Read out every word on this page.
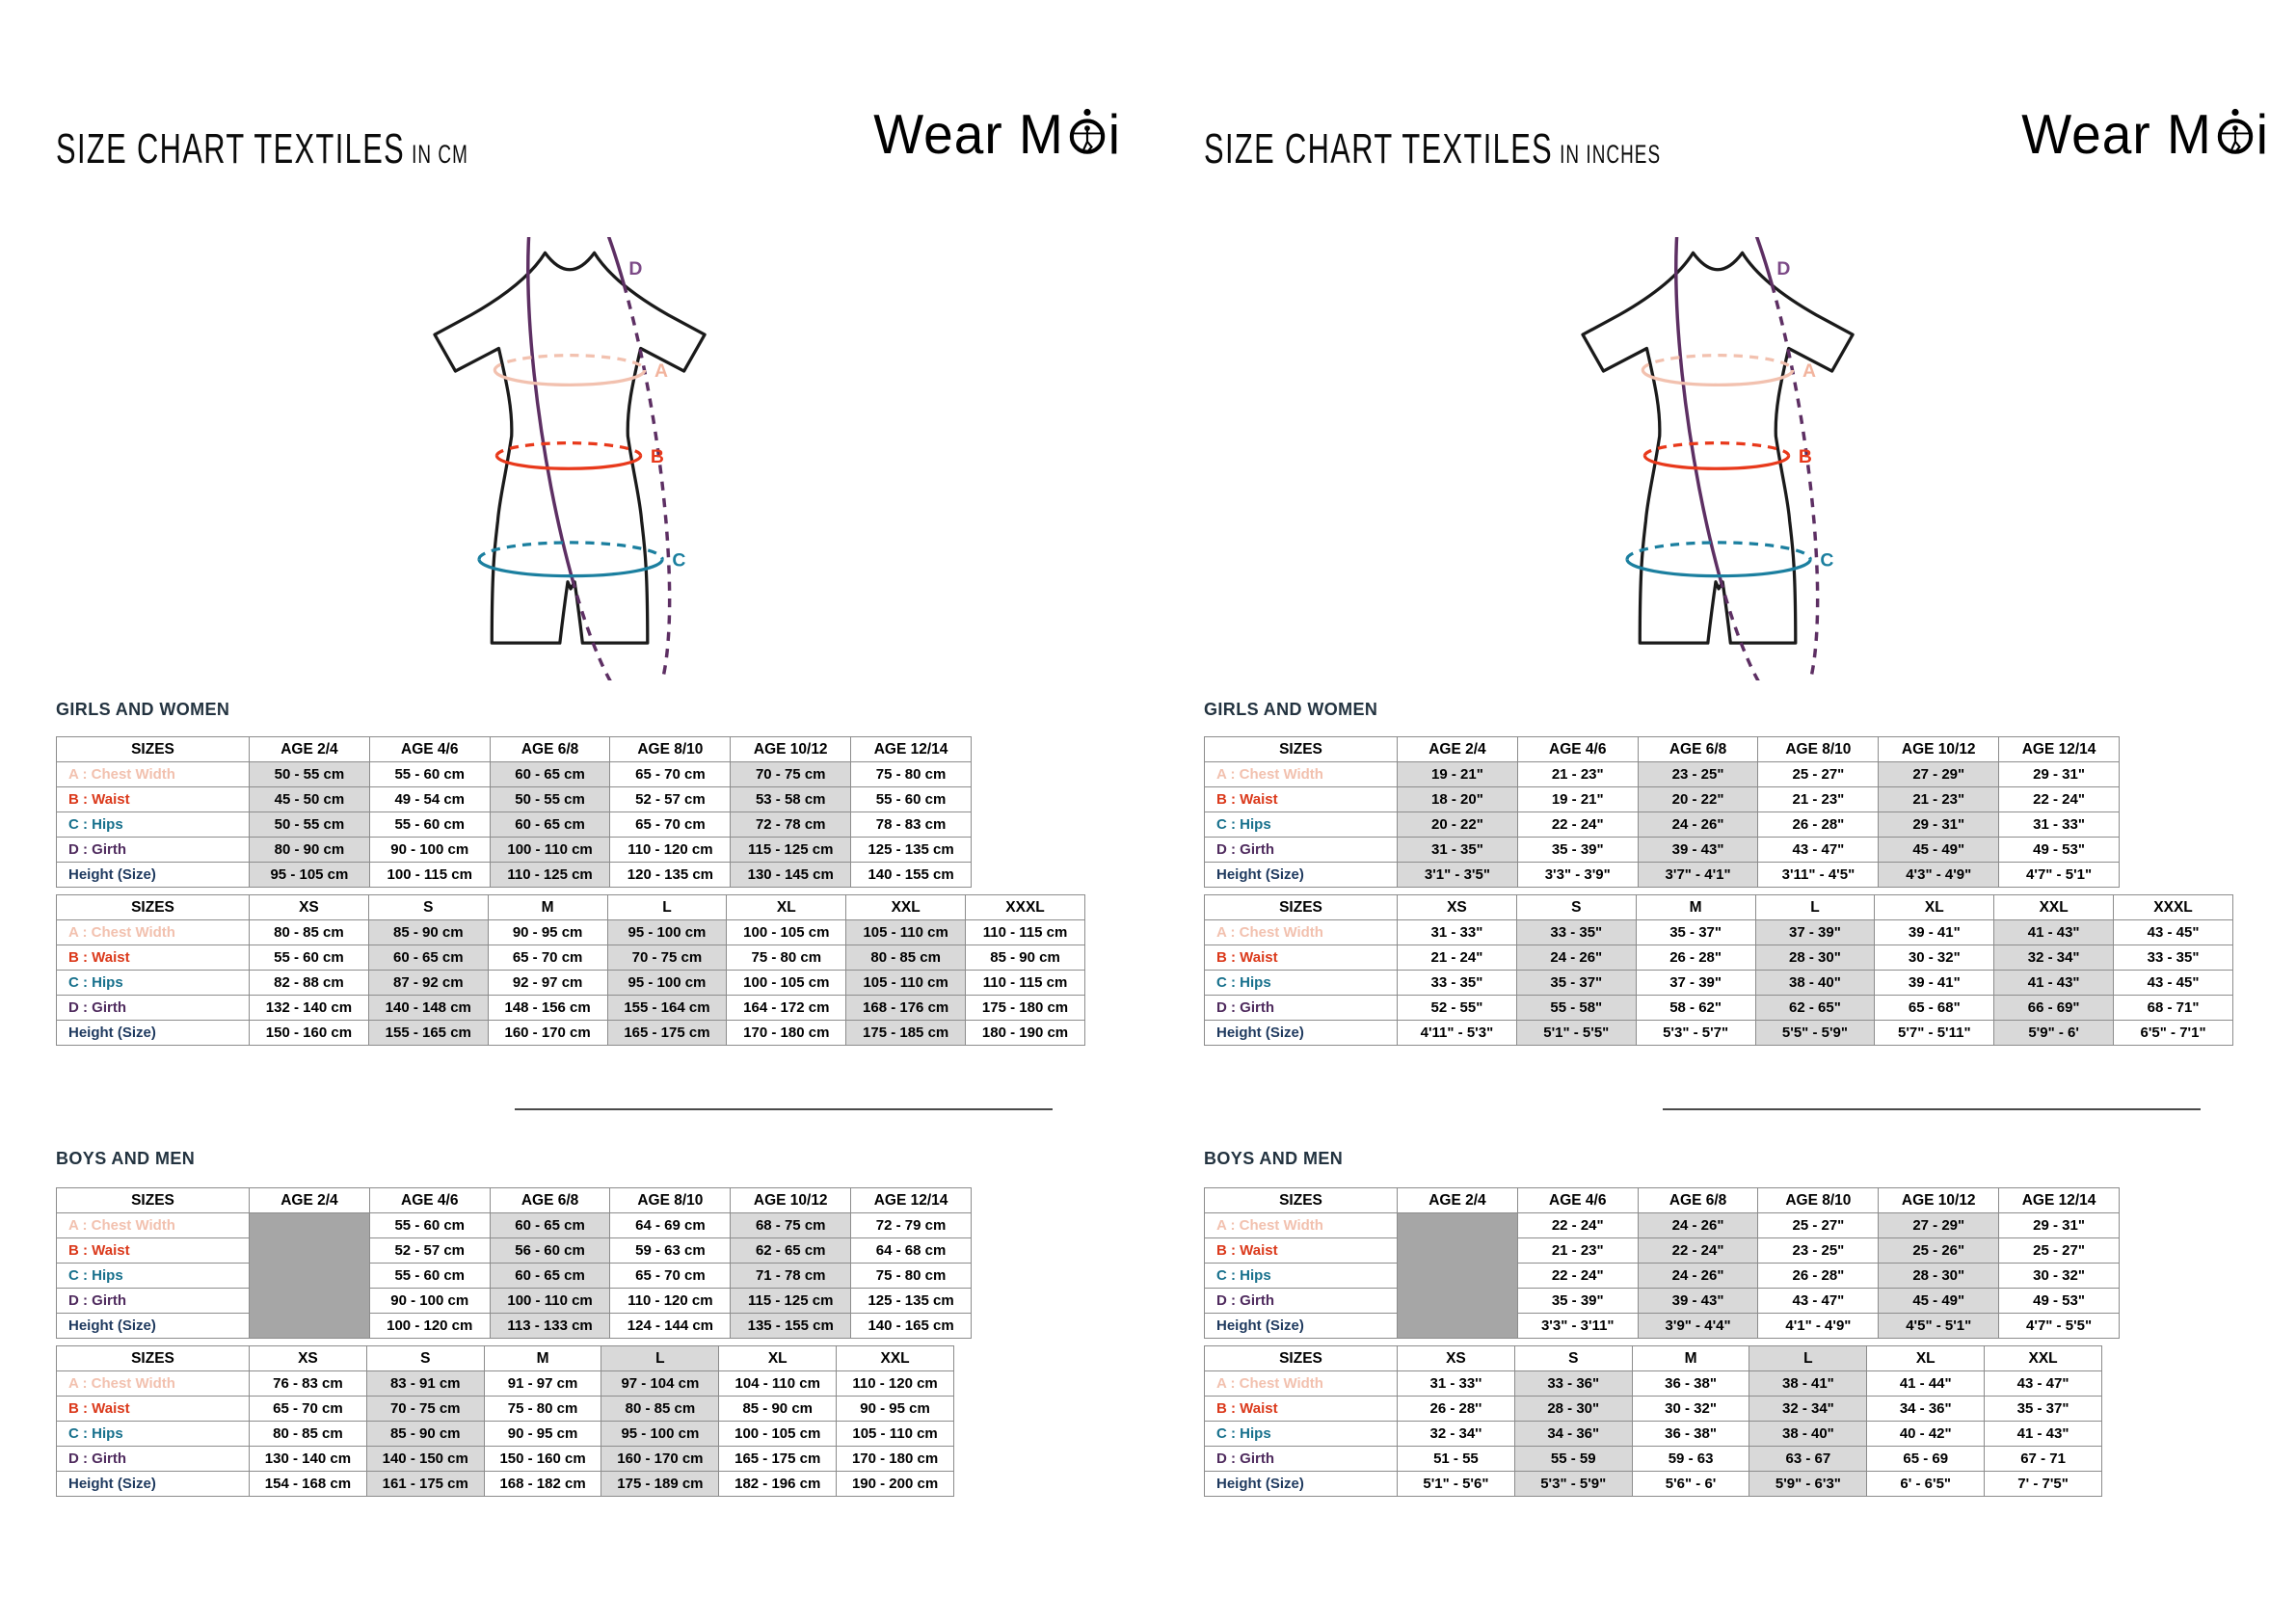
SIZE CHART TEXTILES IN CM	Wear M i
A
B
C
D
GIRLS AND WOMEN
SIZES	AGE 2/4	AGE 4/6	AGE 6/8	AGE 8/10	AGE 10/12	AGE 12/14
A : Chest Width	50 - 55 cm	55 - 60 cm	60 - 65 cm	65 - 70 cm	70 - 75 cm	75 - 80 cm
B : Waist	45 - 50 cm	49 - 54 cm	50 - 55 cm	52 - 57 cm	53 - 58 cm	55 - 60 cm
C : Hips	50 - 55 cm	55 - 60 cm	60 - 65 cm	65 - 70 cm	72 - 78 cm	78 - 83 cm
D : Girth	80 - 90 cm	90 - 100 cm	100 - 110 cm	110 - 120 cm	115 - 125 cm	125 - 135 cm
Height (Size)	95 - 105 cm	100 - 115 cm	110 - 125 cm	120 - 135 cm	130 - 145 cm	140 - 155 cm
SIZES	XS	S	M	L	XL	XXL	XXXL
A : Chest Width	80 - 85 cm	85 - 90 cm	90 - 95 cm	95 - 100 cm	100 - 105 cm	105 - 110 cm	110 - 115 cm
B : Waist	55 - 60 cm	60 - 65 cm	65 - 70 cm	70 - 75 cm	75 - 80 cm	80 - 85 cm	85 - 90 cm
C : Hips	82 - 88 cm	87 - 92 cm	92 - 97 cm	95 - 100 cm	100 - 105 cm	105 - 110 cm	110 - 115 cm
D : Girth	132 - 140 cm	140 - 148 cm	148 - 156 cm	155 - 164 cm	164 - 172 cm	168 - 176 cm	175 - 180 cm
Height (Size)	150 - 160 cm	155 - 165 cm	160 - 170 cm	165 - 175 cm	170 - 180 cm	175 - 185 cm	180 - 190 cm
BOYS AND MEN
SIZES	AGE 2/4	AGE 4/6	AGE 6/8	AGE 8/10	AGE 10/12	AGE 12/14
A : Chest Width		55 - 60 cm	60 - 65 cm	64 - 69 cm	68 - 75 cm	72 - 79 cm
B : Waist		52 - 57 cm	56 - 60 cm	59 - 63 cm	62 - 65 cm	64 - 68 cm
C : Hips		55 - 60 cm	60 - 65 cm	65 - 70 cm	71 - 78 cm	75 - 80 cm
D : Girth		90 - 100 cm	100 - 110 cm	110 - 120 cm	115 - 125 cm	125 - 135 cm
Height (Size)		100 - 120 cm	113 - 133 cm	124 - 144 cm	135 - 155 cm	140 - 165 cm
SIZES	XS	S	M	L	XL	XXL
A : Chest Width	76 - 83 cm	83 - 91 cm	91 - 97 cm	97 - 104 cm	104 - 110 cm	110 - 120 cm
B : Waist	65 - 70 cm	70 - 75 cm	75 - 80 cm	80 - 85 cm	85 - 90 cm	90 - 95 cm
C : Hips	80 - 85 cm	85 - 90 cm	90 - 95 cm	95 - 100 cm	100 - 105 cm	105 - 110 cm
D : Girth	130 - 140 cm	140 - 150 cm	150 - 160 cm	160 - 170 cm	165 - 175 cm	170 - 180 cm
Height (Size)	154 - 168 cm	161 - 175 cm	168 - 182 cm	175 - 189 cm	182 - 196 cm	190 - 200 cm
SIZE CHART TEXTILES IN INCHES	Wear M i
A
B
C
D
GIRLS AND WOMEN
SIZES	AGE 2/4	AGE 4/6	AGE 6/8	AGE 8/10	AGE 10/12	AGE 12/14
A : Chest Width	19 - 21"	21 - 23"	23 - 25"	25 - 27"	27 - 29"	29 - 31"
B : Waist	18 - 20"	19 - 21"	20 - 22"	21 - 23"	21 - 23"	22 - 24"
C : Hips	20 - 22"	22 - 24"	24 - 26"	26 - 28"	29 - 31"	31 - 33"
D : Girth	31 - 35"	35 - 39"	39 - 43"	43 - 47"	45 - 49"	49 - 53"
Height (Size)	3'1" - 3'5"	3'3" - 3'9"	3'7" - 4'1"	3'11" - 4'5"	4'3" - 4'9"	4'7" - 5'1"
SIZES	XS	S	M	L	XL	XXL	XXXL
A : Chest Width	31 - 33"	33 - 35"	35 - 37"	37 - 39"	39 - 41"	41 - 43"	43 - 45"
B : Waist	21 - 24"	24 - 26"	26 - 28"	28 - 30"	30 - 32"	32 - 34"	33 - 35"
C : Hips	33 - 35"	35 - 37"	37 - 39"	38 - 40"	39 - 41"	41 - 43"	43 - 45"
D : Girth	52 - 55"	55 - 58"	58 - 62"	62 - 65"	65 - 68"	66 - 69"	68 - 71"
Height (Size)	4'11" - 5'3"	5'1" - 5'5"	5'3" - 5'7"	5'5" - 5'9"	5'7" - 5'11"	5'9" - 6'	6'5" - 7'1"
BOYS AND MEN
SIZES	AGE 2/4	AGE 4/6	AGE 6/8	AGE 8/10	AGE 10/12	AGE 12/14
A : Chest Width		22 - 24"	24 - 26"	25 - 27"	27 - 29"	29 - 31"
B : Waist		21 - 23"	22 - 24"	23 - 25"	25 - 26"	25 - 27"
C : Hips		22 - 24"	24 - 26"	26 - 28"	28 - 30"	30 - 32"
D : Girth		35 - 39"	39 - 43"	43 - 47"	45 - 49"	49 - 53"
Height (Size)		3'3" - 3'11"	3'9" - 4'4"	4'1" - 4'9"	4'5" - 5'1"	4'7" - 5'5"
SIZES	XS	S	M	L	XL	XXL
A : Chest Width	31 - 33''	33 - 36"	36 - 38"	38 - 41"	41 - 44"	43 - 47"
B : Waist	26 - 28''	28 - 30"	30 - 32"	32 - 34"	34 - 36"	35 - 37"
C : Hips	32 - 34''	34 - 36"	36 - 38"	38 - 40"	40 - 42"	41 - 43"
D : Girth	51 - 55	55 - 59	59 - 63	63 - 67	65 - 69	67 - 71
Height (Size)	5'1" - 5'6"	5'3" - 5'9"	5'6" - 6'	5'9" - 6'3"	6' - 6'5"	7' - 7'5"
